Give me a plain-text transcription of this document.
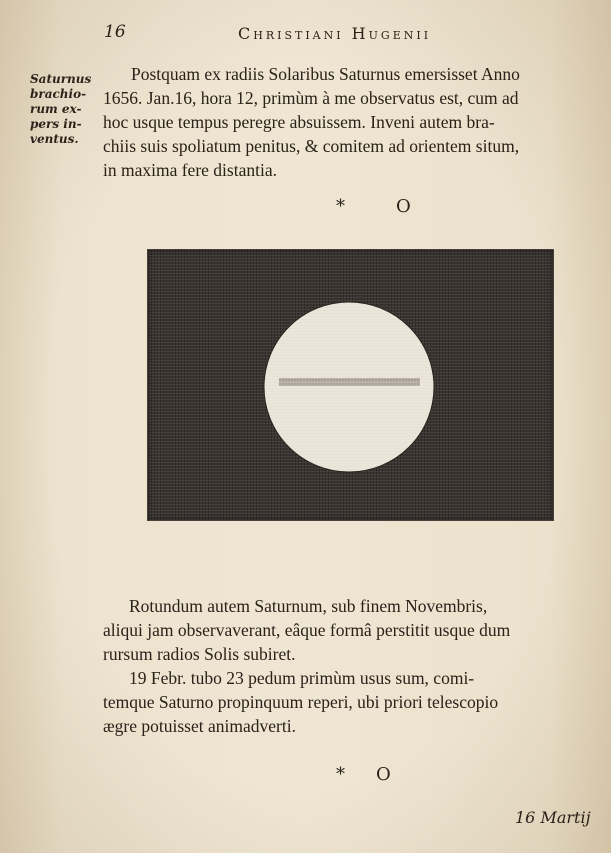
16	Christiani Hugenii
Saturnus
brachio-
rum ex-
pers in-
ventus.
Postquam ex radiis Solaribus Saturnus emersisset Anno
1656. Jan.16, hora 12, primùm à me observatus est, cum ad
hoc usque tempus peregre absuissem. Inveni autem bra-
chiis suis spoliatum penitus, & comitem ad orientem situm,
in maxima fere distantia.
*	O
Rotundum autem Saturnum, sub finem Novembris,
aliqui jam observaverant, eâque formâ perstitit usque dum
rursum radios Solis subiret.
19 Febr. tubo 23 pedum primùm usus sum, comi-
temque Saturno propinquum reperi, ubi priori telescopio
ægre potuisset animadverti.
* O
16 Martij
